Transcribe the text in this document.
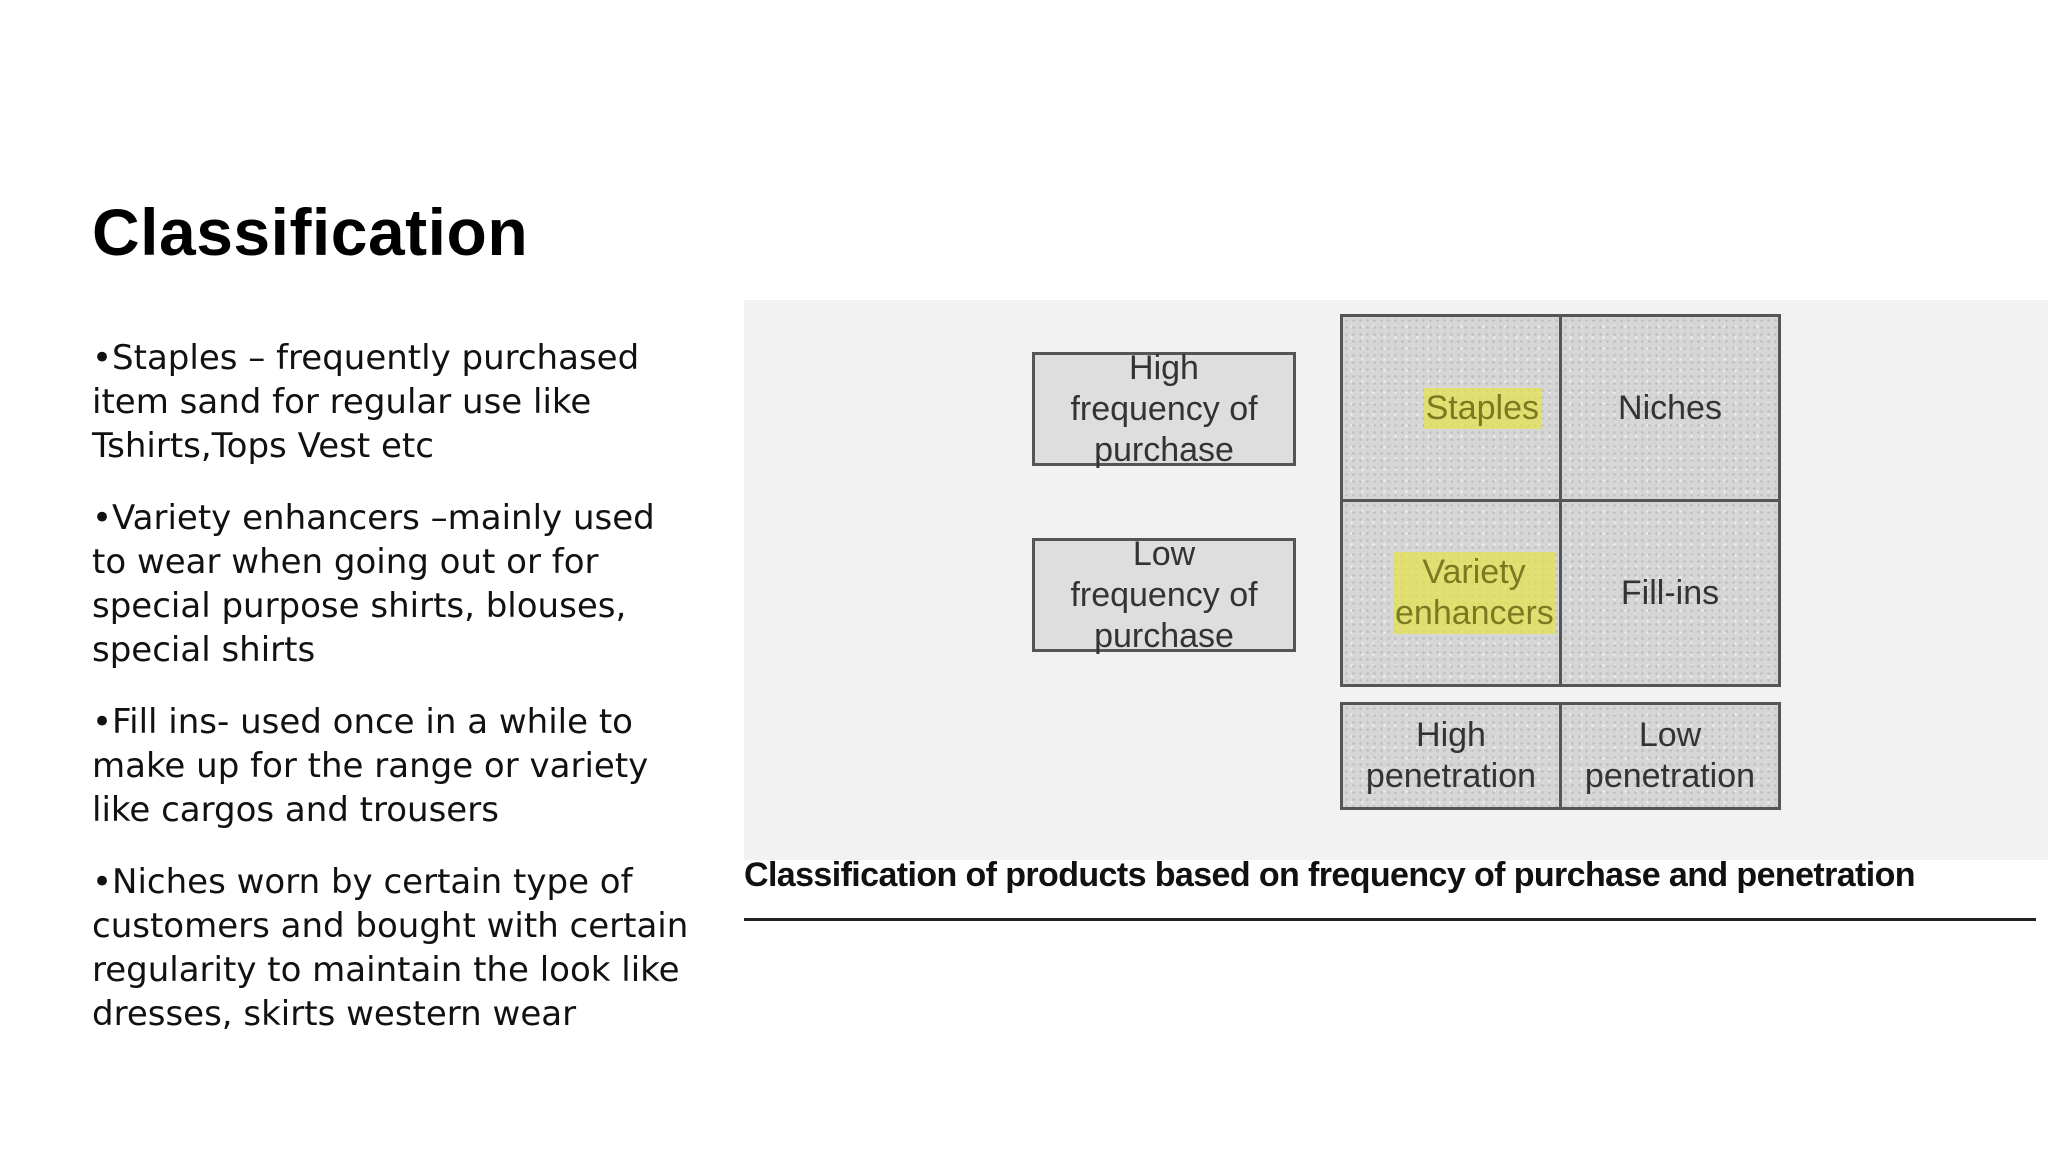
Classification
•Staples – frequently purchased item sand for regular use like Tshirts,Tops Vest etc
•Variety enhancers –mainly used to wear when going out or for special purpose shirts, blouses, special shirts
•Fill ins- used once in a while to make up for the range or variety like cargos and trousers
•Niches worn by certain type of customers and bought with certain regularity to maintain the look like dresses, skirts western wear
High frequency of purchase
Low frequency of purchase
Staples Niches
Variety enhancers
Fill-ins
High penetration
Low penetration
Classification of products based on frequency of purchase and penetration
